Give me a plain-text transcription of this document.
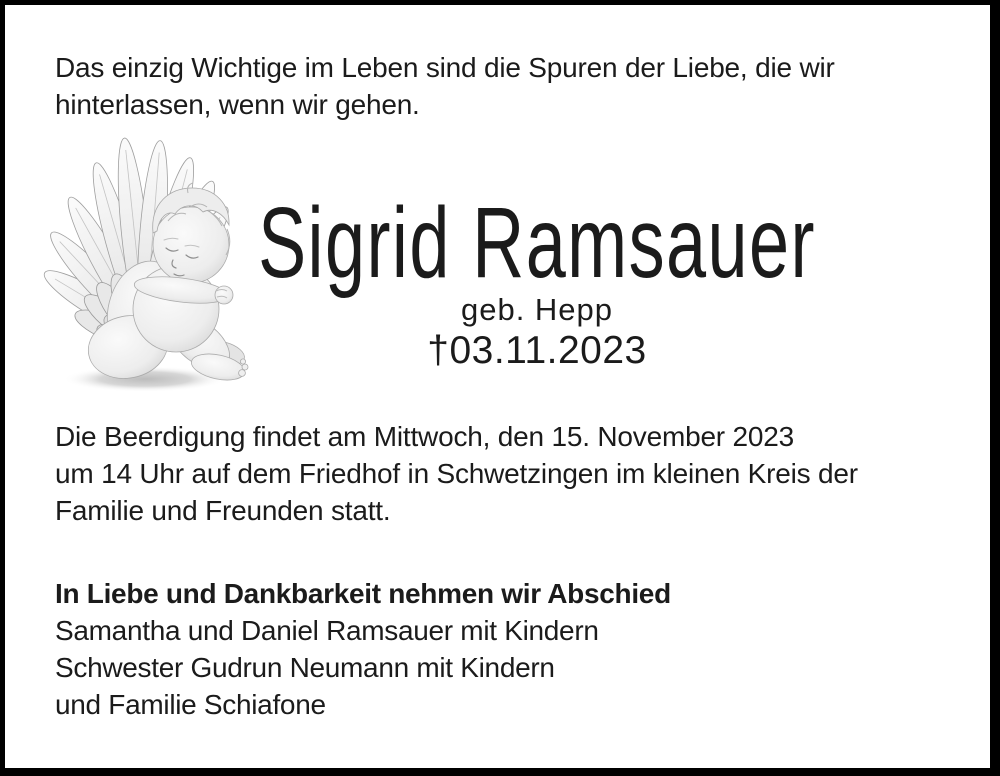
Das einzig Wichtige im Leben sind die Spuren der Liebe, die wir
hinterlassen, wenn wir gehen.
Sigrid Ramsauer
geb. Hepp
†03.11.2023
Die Beerdigung findet am Mittwoch, den 15. November 2023
um 14 Uhr auf dem Friedhof in Schwetzingen im kleinen Kreis der
Familie und Freunden statt.
In Liebe und Dankbarkeit nehmen wir Abschied
Samantha und Daniel Ramsauer mit Kindern
Schwester Gudrun Neumann mit Kindern
und Familie Schiafone
